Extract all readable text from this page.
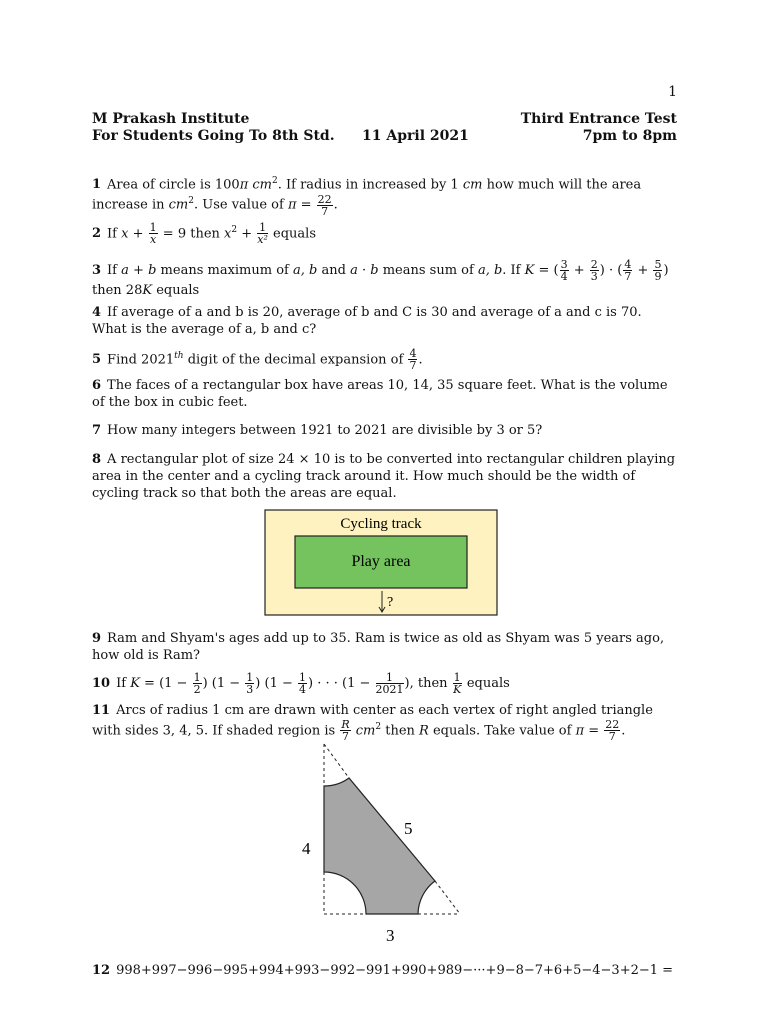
1
M Prakash Institute
For Students Going To 8th Std. 11 April 2021
Third Entrance Test
7pm to 8pm

1 Area of circle is 100π $cm^2$. If radius in increased by 1 cm how much will the area increase in $cm^2$. Use value of $\pi = \frac{22}{7}$ .

2 If $x + \frac{1}{x} = 9$ then $x^2 + \frac{1}{\text{x²}}$ equals

3 If a + b means maximum of a, b and a · b means sum of a, b. If K = ( $\frac{3}{4} + \frac{2}{3}$ ) · ( $\frac{4}{7} + \frac{5}{9}$ ) then 28K equals

4 If average of a and b is 20, average of b and C is 30 and average of a and c is 70. What is the average of a, b and c?

5 Find 2021th digit of the decimal expansion of $\frac{4}{7}$ .

6 The faces of a rectangular box have areas 10, 14, 35 square feet. What is the volume of the box in cubic feet.

7 How many integers between 1921 to 2021 are divisible by 3 or 5?

8 A rectangular plot of size 24 × 10 is to be converted into rectangular children playing area in the center and a cycling track around it. How much should be the width of cycling track so that both the areas are equal.

Cycling track
Play area
?

9 Ram and Shyam's ages add up to 35. Ram is twice as old as Shyam was 5 years ago, how old is Ram?

10 If $K = (1 - \frac{1}{2}$ ) ($1 - \frac{1}{3}$ ) ($1 - \frac{1}{4}$ ) · · · ($1 - \frac{1}{2021}$ ), then $\frac{1}{K}$ equals

11 Arcs of radius 1 cm are drawn with center as each vertex of right angled triangle with sides 3, 4, 5. If shaded region is $\frac{R}{7} cm^2$ then R equals. Take value of $\pi = \frac{22}{7}$ .

4
5
3

12 998+997−996−995+994+993−992−991+990+989−···+9−8−7+6+5−4−3+2−1 =
